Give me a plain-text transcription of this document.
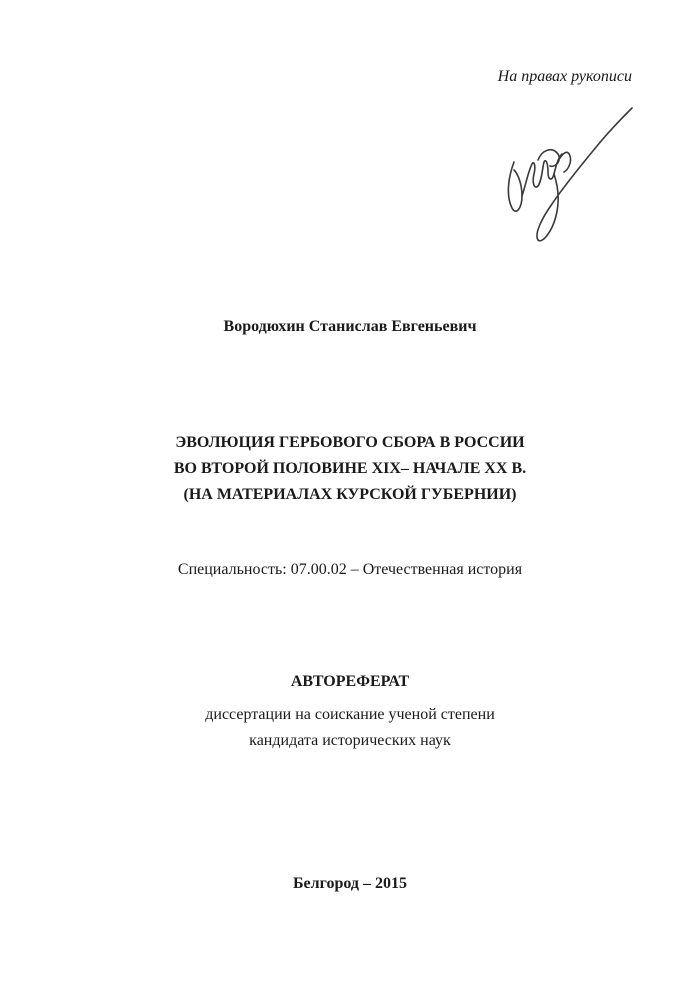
На правах рукописи
Вородюхин Станислав Евгеньевич
ЭВОЛЮЦИЯ ГЕРБОВОГО СБОРА В РОССИИ
ВО ВТОРОЙ ПОЛОВИНЕ XIX– НАЧАЛЕ XX В.
(НА МАТЕРИАЛАХ КУРСКОЙ ГУБЕРНИИ)
Специальность: 07.00.02 – Отечественная история
АВТОРЕФЕРАТ
диссертации на соискание ученой степени
кандидата исторических наук
Белгород – 2015
